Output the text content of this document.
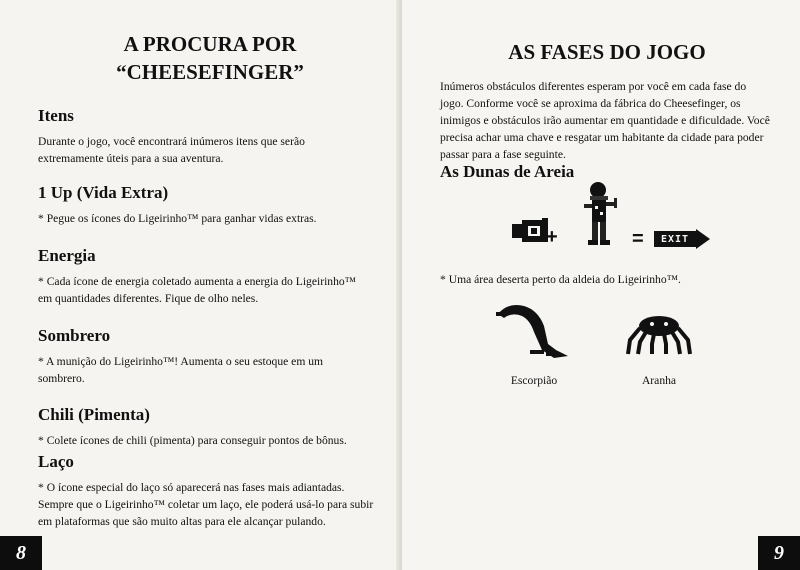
A PROCURA POR
“CHEESEFINGER”
Itens
Durante o jogo, você encontrará inúmeros itens que serão extremamente úteis para a sua aventura.
1 Up (Vida Extra)
* Pegue os ícones do Ligeirinho™ para ganhar vidas extras.
Energia
* Cada ícone de energia coletado aumenta a energia do Ligeirinho™ em quantidades diferentes. Fique de olho neles.
Sombrero
* A munição do Ligeirinho™! Aumenta o seu estoque em um sombrero.
Chili (Pimenta)
* Colete ícones de chili (pimenta) para conseguir pontos de bônus.
Laço
* O ícone especial do laço só aparecerá nas fases mais adiantadas. Sempre que o Ligeirinho™ coletar um laço, ele poderá usá-lo para subir em plataformas que são muito altas para ele alcançar pulando.
8
AS FASES DO JOGO
Inúmeros obstáculos diferentes esperam por você em cada fase do jogo. Conforme você se aproxima da fábrica do Cheesefinger, os inimigos e obstáculos irão aumentar em quantidade e dificuldade. Você precisa achar uma chave e resgatar um habitante da cidade para poder passar para a fase seguinte.
As Dunas de Areia
+	=	EXIT
* Uma área deserta perto da aldeia do Ligeirinho™.
Escorpião	Aranha
9
